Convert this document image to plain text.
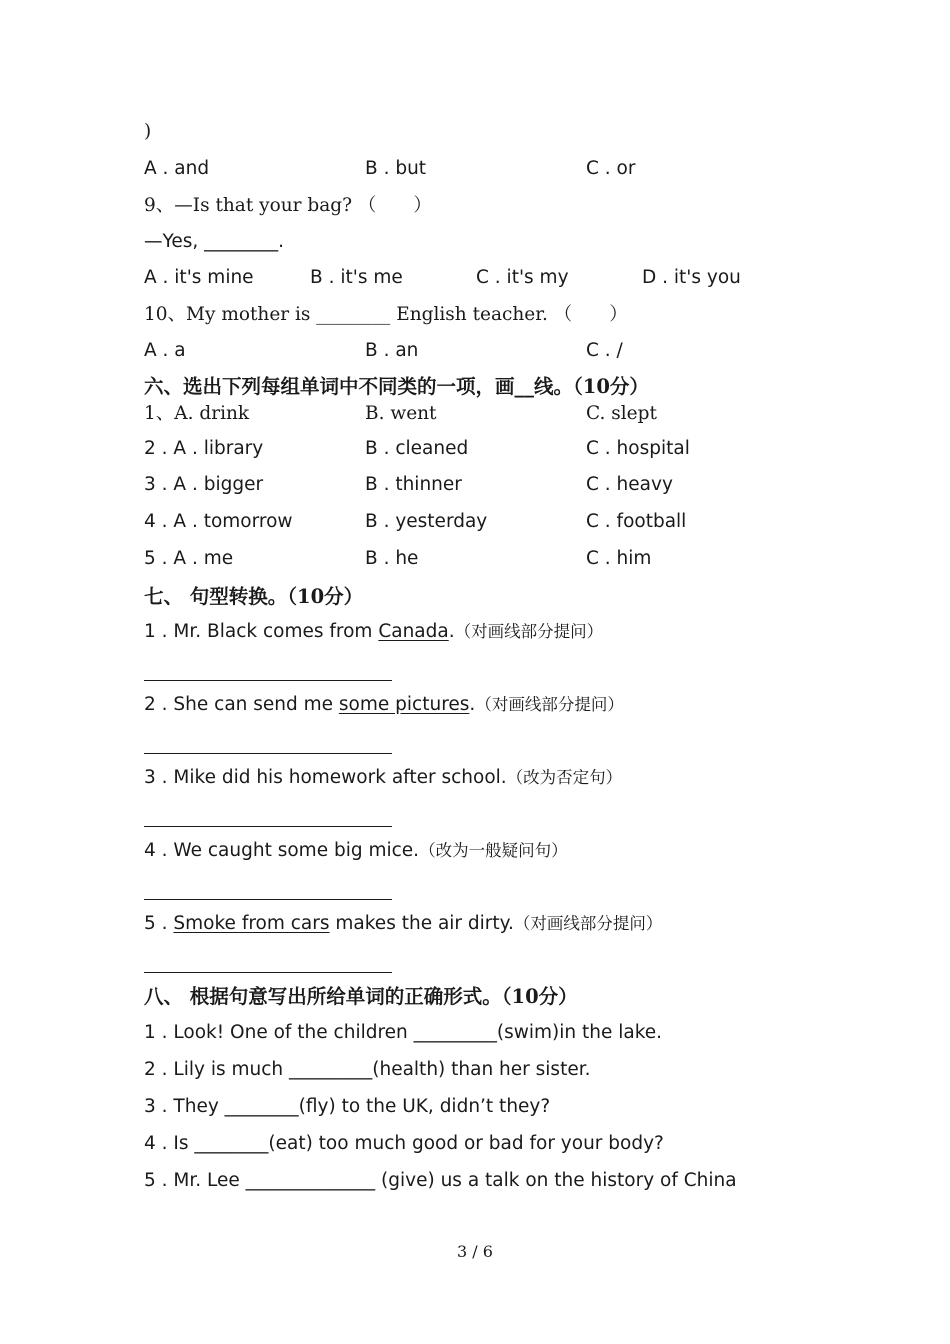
)
A . and	B . but	C . or
9、—Is that your bag? （　　）
—Yes, ________.
A . it's mine	B . it's me	C . it's my	D . it's you
10、My mother is ________ English teacher. （　　）
A . a	B . an	C . /
六、选出下列每组单词中不同类的一项，画__线。（10分）
1、A. drink	B. went	C. slept
2 . A . library	B . cleaned	C . hospital
3 . A . bigger	B . thinner	C . heavy
4 . A . tomorrow	B . yesterday	C . football
5 . A . me	B . he	C . him
七、 句型转换。（10分）
1 . Mr. Black comes from Canada.（对画线部分提问）
2 . She can send me some pictures.（对画线部分提问）
3 . Mike did his homework after school.（改为否定句）
4 . We caught some big mice.（改为一般疑问句）
5 . Smoke from cars makes the air dirty.（对画线部分提问）
八、 根据句意写出所给单词的正确形式。（10分）
1 . Look! One of the children _________(swim)in the lake.
2 . Lily is much _________(health) than her sister.
3 . They ________(fly) to the UK, didn’t they?
4 . Is ________(eat) too much good or bad for your body?
5 . Mr. Lee ______________ (give) us a talk on the history of China
3 / 6
